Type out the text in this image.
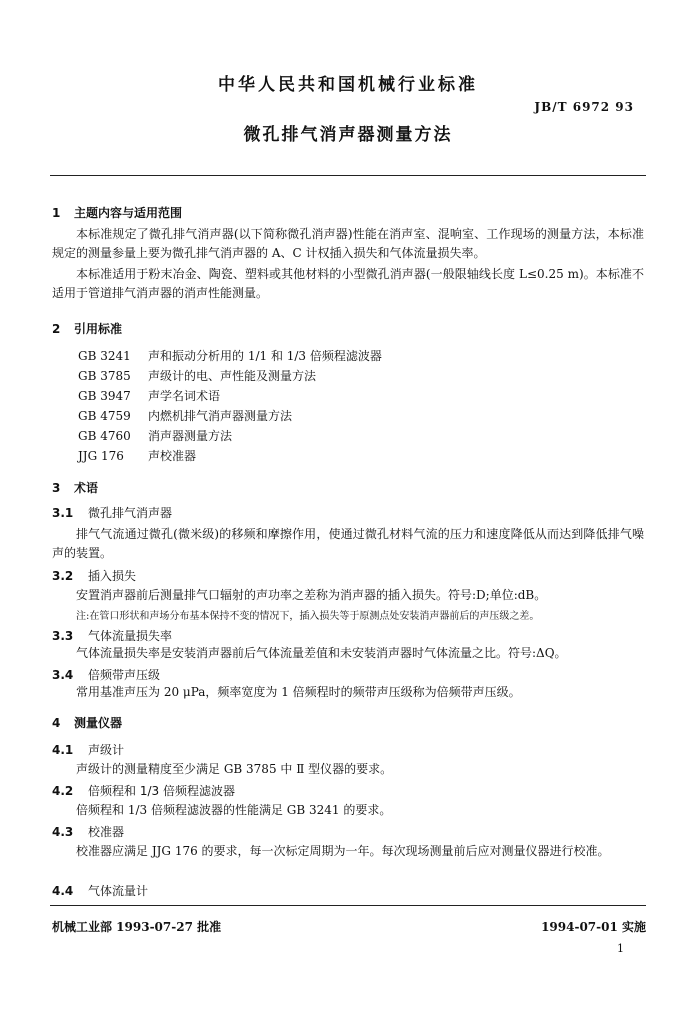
中华人民共和国机械行业标准
JB/T 6972 93
微孔排气消声器测量方法
1 主题内容与适用范围
本标准规定了微孔排气消声器(以下简称微孔消声器)性能在消声室、混响室、工作现场的测量方法，本标准规定的测量参量上要为微孔排气消声器的 A、C 计权插入损失和气体流量损失率。
本标准适用于粉末冶金、陶瓷、塑料或其他材料的小型微孔消声器(一般限轴线长度 L≤0.25 m)。本标准不适用于管道排气消声器的消声性能测量。
2 引用标准
GB 3241 声和振动分析用的 1/1 和 1/3 倍频程滤波器
GB 3785 声级计的电、声性能及测量方法
GB 3947 声学名词术语
GB 4759 内燃机排气消声器测量方法
GB 4760 消声器测量方法
JJG 176 声校准器
3 术语
3.1 微孔排气消声器
排气气流通过微孔(微米级)的移频和摩擦作用，使通过微孔材料气流的压力和速度降低从而达到降低排气噪声的装置。
3.2 插入损失
安置消声器前后测量排气口辐射的声功率之差称为消声器的插入损失。符号:D;单位:dB。
注:在管口形状和声场分布基本保持不变的情况下，插入损失等于原测点处安装消声器前后的声压级之差。
3.3 气体流量损失率
气体流量损失率是安装消声器前后气体流量差值和未安装消声器时气体流量之比。符号:ΔQ。
3.4 倍频带声压级
常用基准声压为 20 μPa，频率宽度为 1 倍频程时的频带声压级称为倍频带声压级。
4 测量仪器
4.1 声级计
声级计的测量精度至少满足 GB 3785 中 Ⅱ 型仪器的要求。
4.2 倍频程和 1/3 倍频程滤波器
倍频程和 1/3 倍频程滤波器的性能满足 GB 3241 的要求。
4.3 校准器
校准器应满足 JJG 176 的要求，每一次标定周期为一年。每次现场测量前后应对测量仪器进行校准。
4.4 气体流量计
机械工业部 1993-07-27 批准	1994-07-01 实施
1
